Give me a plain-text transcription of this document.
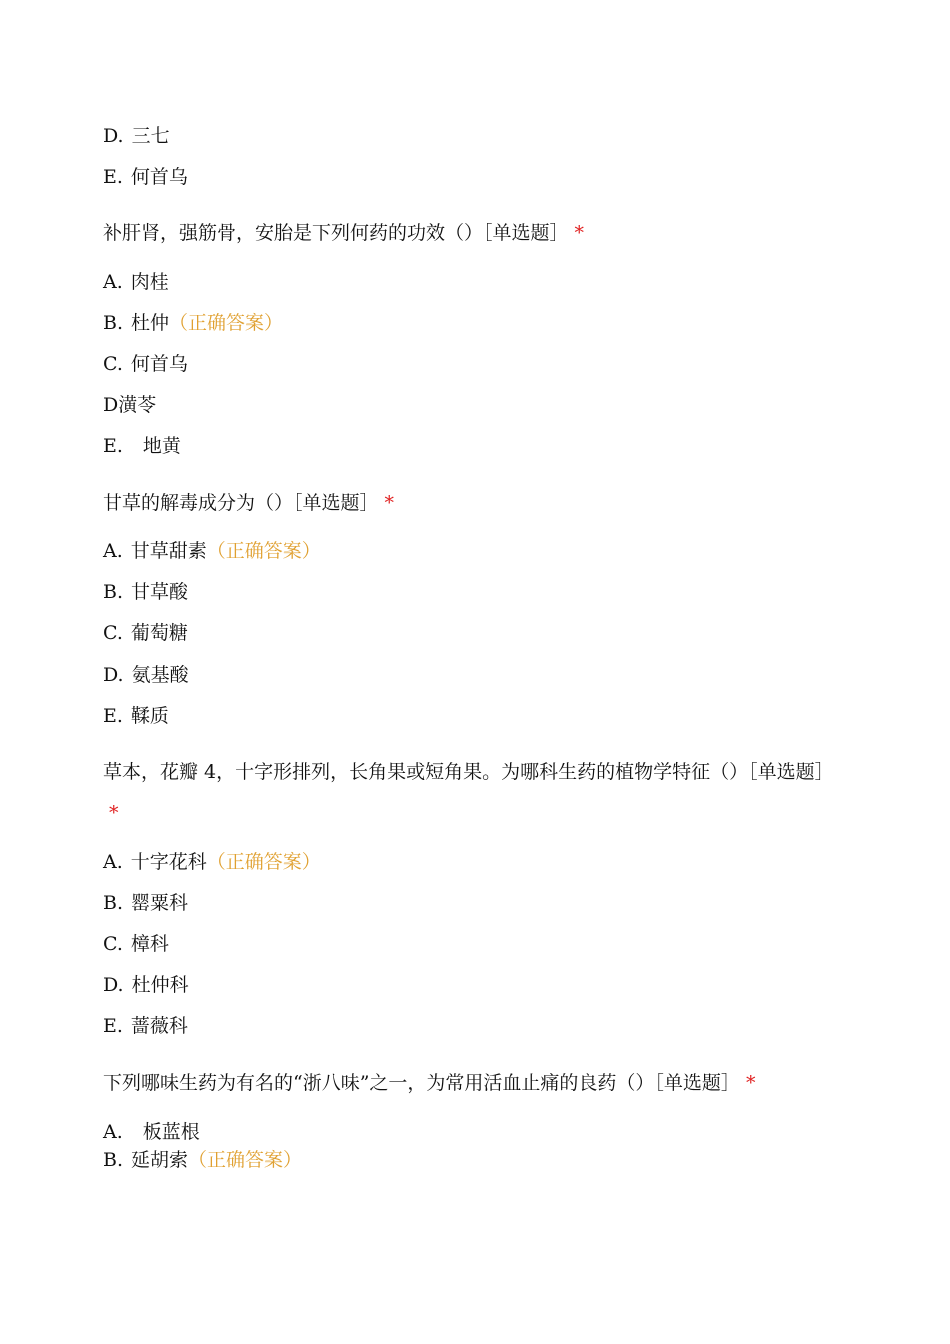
D. 三七
E. 何首乌
补肝肾，强筋骨，安胎是下列何药的功效（）［单选题］ *
A. 肉桂
B. 杜仲（正确答案）
C. 何首乌
D潢苓
E. 地黄
甘草的解毒成分为（）［单选题］ *
A. 甘草甜素（正确答案）
B. 甘草酸
C. 葡萄糖
D. 氨基酸
E. 鞣质
草本，花瓣 4，十字形排列，长角果或短角果。为哪科生药的植物学特征（）［单选题］*
A. 十字花科（正确答案）
B. 罂粟科
C. 樟科
D. 杜仲科
E. 蔷薇科
下列哪味生药为有名的“浙八味”之一，为常用活血止痛的良药（）［单选题］ *
A. 板蓝根
B. 延胡索（正确答案）
